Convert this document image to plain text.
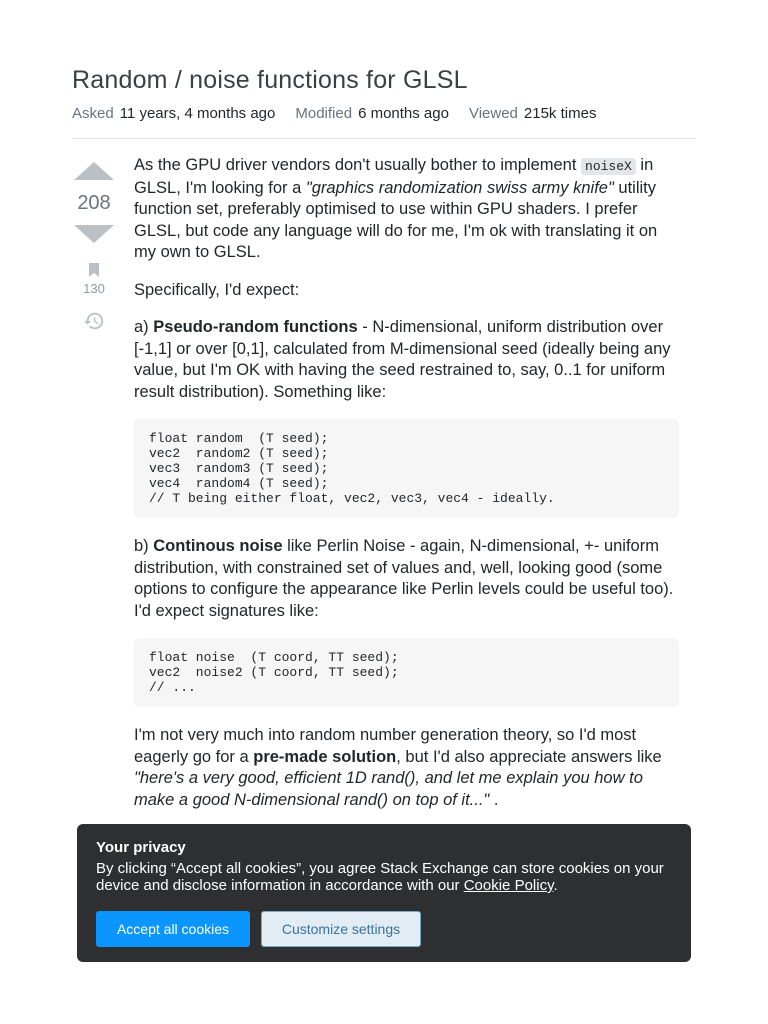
Random / noise functions for GLSL
Asked 11 years, 4 months ago Modified 6 months ago Viewed 215k times
208
130

As the GPU driver vendors don't usually bother to implement noiseX in GLSL, I'm looking for a "graphics randomization swiss army knife" utility function set, preferably optimised to use within GPU shaders. I prefer GLSL, but code any language will do for me, I'm ok with translating it on my own to GLSL.

Specifically, I'd expect:

a) Pseudo-random functions - N-dimensional, uniform distribution over [-1,1] or over [0,1], calculated from M-dimensional seed (ideally being any value, but I'm OK with having the seed restrained to, say, 0..1 for uniform result distribution). Something like:

float random  (T seed);
vec2  random2 (T seed);
vec3  random3 (T seed);
vec4  random4 (T seed);
// T being either float, vec2, vec3, vec4 - ideally.

b) Continous noise like Perlin Noise - again, N-dimensional, +- uniform distribution, with constrained set of values and, well, looking good (some options to configure the appearance like Perlin levels could be useful too). I'd expect signatures like:

float noise  (T coord, TT seed);
vec2  noise2 (T coord, TT seed);
// ...

I'm not very much into random number generation theory, so I'd most eagerly go for a pre-made solution, but I'd also appreciate answers like "here's a very good, efficient 1D rand(), and let me explain you how to make a good N-dimensional rand() on top of it..." .

Your privacy
By clicking “Accept all cookies”, you agree Stack Exchange can store cookies on your device and disclose information in accordance with our Cookie Policy.
Accept all cookies	Customize settings
